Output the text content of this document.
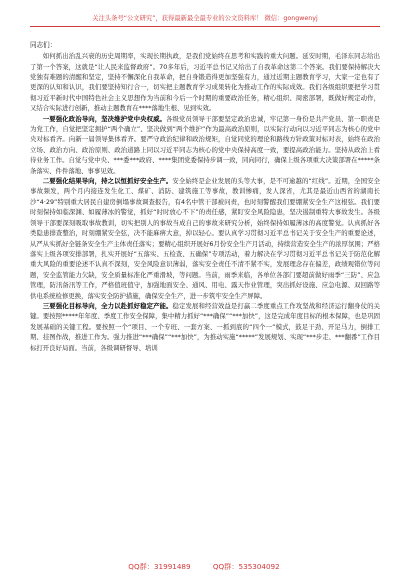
关注头条号“公文研究”，获得最新最全最专业的公文资料库！ 微信：gongwenyj

同志们：

如何抓出治乱兴衰的历史周期率，实现长期执政，是我们党始终在思考和实践的重大问题。延安时期，毛泽东同志给出了第一个答案，这就是“让人民来监督政府”。70多年后，习近平总书记又给出了自我革命这第二个答案。我们要保持解决大党独有难题的清醒和坚定，坚持不懈深化自我革命，把自身锻造得更加坚强有力，通过近期主题教育学习，大家一定也有了更深的认知和认识，我们要坚持知行合一，切实把主题教育学习成果转化为推动工作的实际成效。我们各级组织要把学习贯彻习近平新时代中国特色社会主义思想作为当前和今后一个时期的重要政治任务，精心组织、周密部署，既做好规定动作，又结合实际进行创新，推动主题教育在****落地生根、见到实效。

一要强化政治导向，坚决维护党中央权威。各级党员领导干部要坚定政治忠诚，牢记第一身份是共产党员、第一职责是为党工作，自觉把坚定拥护“两个确立”、坚决做到“两个维护”作为最高政治原则，以实际行动向以习近平同志为核心的党中央对标看齐。向新一届领导集体看齐。要严守政治纪律和政治规矩，自觉同党的理论和路线方针政策对标对表，始终在政治立场、政治方向、政治原则、政治道路上同以习近平同志为核心的党中央保持高度一致，要提高政治能力。坚持从政治上看待业务工作。自觉与党中央、***委***政府、****集团党委保持步调一致，同向同行，确保上级各项重大决策部署在*****条条落实、件件落地、事事见效。

二要强化结果导向，持之以恒抓好安全生产。安全始终是企业发展的头等大事，是不可逾越的“红线”。近期，全国安全事故频发，两个月内接连发生化工、煤矿、消防、建筑施工等事故，教训惨痛，发人深省，尤其是最近山西省的湖南长沙“4·29”特别重大居民自建房倒塌事故调查报告，有4名中管干部被问责，也时刻警醒我们要绷紧安全生产这根弦。我们要时刻保持如临深渊、如履薄冰的警觉，抓好“时时放心不下”的责任感，紧盯安全风险隐患，坚决遏制重特大事故发生。各级领导干部要深刻吸取事故教训，切实把别人的事故当成自己的事故来研究分析，始终保持如履薄冰的高度警觉。认真抓好各类隐患排查整治，时刻绷紧安全弦，决不能麻痹大意，掉以轻心。要认真学习贯彻习近平总书记关于安全生产的重要论述，从严从实抓好全链条安全生产主体责任落实；要精心组织开展好6月份安全生产月活动，持续营造安全生产的浓厚氛围；严格落实上级各项安排部署，扎实开展好“五落实、五检查、五确保”专项活动，着力解决在学习贯彻习近平总书记关于防范化解重大风险的重要论述不认真不深刻，安全风险意识薄弱，落实安全责任不清不紧不实，发展理念存在偏差，政绩观错位等问题，安全监管能力欠缺，安全质量标准化严重滑坡，等问题。当前，雨季来临，各单位各部门要超前做好雨季“三防”、应急管理，防汛备汛等工作，严格值班值守，加强地面安全、通风、用电、露天作业管理，突出抓好设施、应急电源、双回路等供电系统检修更换，落实安全防护措施，确保安全生产，进一步筑牢安全生产屏障。

三要强化目标导向，全力以赴抓好稳定产能。稳定发展和经营效益是打赢二季度重点工作攻坚战和经济运行翻身仗的关键。要按照*****年年度、季度工作安全保障，集中精力抓好“***确保”“***加快”，这是完成年度目标的根本保障，也是巩固发展基础的关键工程。要按照一个“项目、一个专班、一套方案、一抓到底的“四个一”模式，鼓足干劲、开足马力，倒排工期、挂图作战，推进工作为。强力推进“***确保”“***加快”，为推动实施“*****”发展规划、实现“***步走、***翻番”工作目标打开良好局面。当前，各级调研督导、培训

QQ群：31991489	QQ群：535304092
